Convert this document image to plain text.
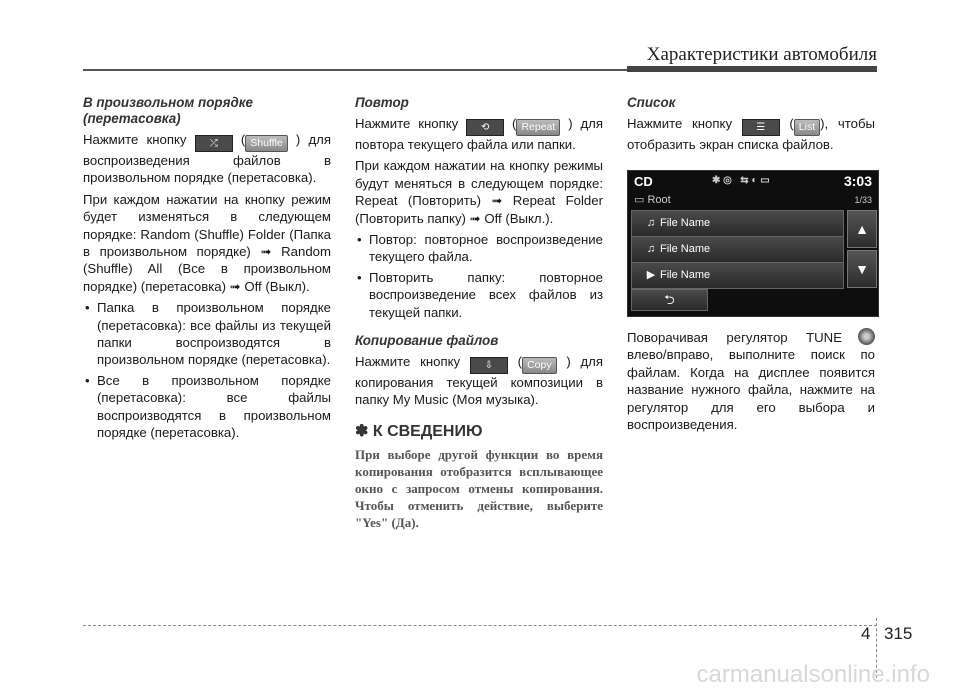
Характеристики автомобиля
В произвольном порядке (перетасовка)

Нажмите кнопку ⤮ ( Shuffle ) для воспроизведения файлов в произвольном порядке (перетасовка).

При каждом нажатии на кнопку режим будет изменяться в следующем порядке: Random (Shuffle) Folder (Папка в произвольном порядке) ➟ Random (Shuffle) All (Все в произвольном порядке) (перетасовка) ➟ Off (Выкл).

• Папка в произвольном порядке (перетасовка): все файлы из текущей папки воспроизводятся в произвольном порядке (перетасовка).
• Все в произвольном порядке (перетасовка): все файлы воспроизводятся в произвольном порядке (перетасовка).
Повтор

Нажмите кнопку ⟲ ( Repeat ) для повтора текущего файла или папки.

При каждом нажатии на кнопку режимы будут меняться в следующем порядке: Repeat (Повторить) ➟ Repeat Folder (Повторить папку) ➟ Off (Выкл.).

• Повтор: повторное воспроизведение текущего файла.
• Повторить папку: повторное воспроизведение всех файлов из текущей папки.
Копирование файлов

Нажмите кнопку ⇩ ( Copy ) для копирования текущей композиции в папку My Music (Моя музыка).

✽ К СВЕДЕНИЮ
При выборе другой функции во время копирования отобразится всплывающее окно с запросом отмены копирования. Чтобы отменить действие, выберите "Yes" (Да).
Список

Нажмите кнопку ☰ ( List ), чтобы отобразить экран списка файлов.

CD	✱ ◎   ⇆ ◐ ▭	3:03
▭ Root	1/33
♫ File Name
♫ File Name
▶ File Name
▲
▼
⮌

Поворачивая регулятор TUNE влево/вправо, выполните поиск по файлам. Когда на дисплее появится название нужного файла, нажмите на регулятор для его выбора и воспроизведения.

4 315
carmanualsonline.info
